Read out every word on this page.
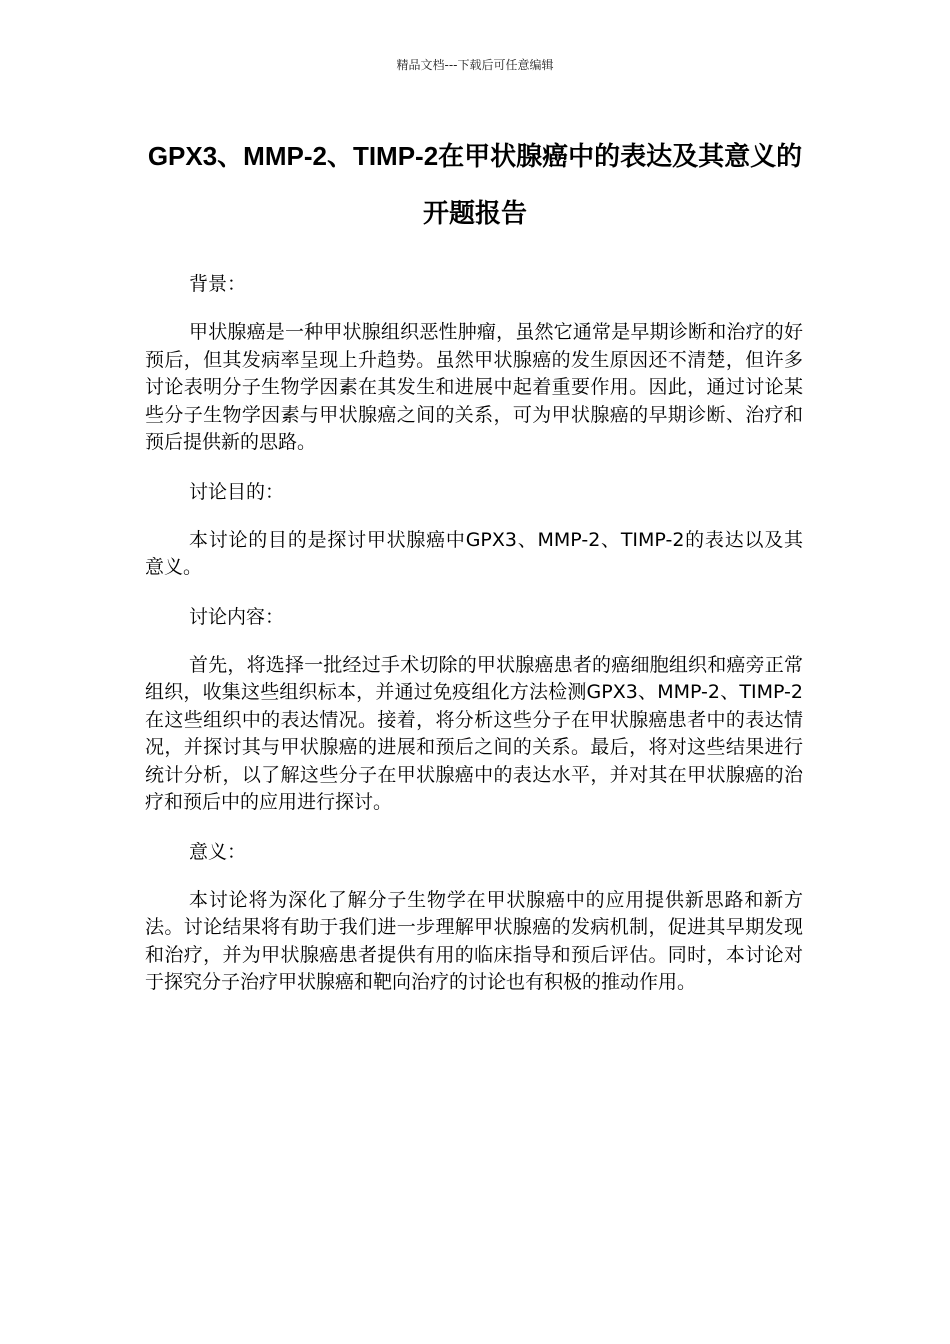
精品文档---下载后可任意编辑
GPX3、MMP-2、TIMP-2在甲状腺癌中的表达及其意义的开题报告

背景：

甲状腺癌是一种甲状腺组织恶性肿瘤，虽然它通常是早期诊断和治疗的好预后，但其发病率呈现上升趋势。虽然甲状腺癌的发生原因还不清楚，但许多讨论表明分子生物学因素在其发生和进展中起着重要作用。因此，通过讨论某些分子生物学因素与甲状腺癌之间的关系，可为甲状腺癌的早期诊断、治疗和预后提供新的思路。

讨论目的：

本讨论的目的是探讨甲状腺癌中GPX3、MMP-2、TIMP-2的表达以及其意义。

讨论内容：

首先，将选择一批经过手术切除的甲状腺癌患者的癌细胞组织和癌旁正常组织，收集这些组织标本，并通过免疫组化方法检测GPX3、MMP-2、TIMP-2在这些组织中的表达情况。接着，将分析这些分子在甲状腺癌患者中的表达情况，并探讨其与甲状腺癌的进展和预后之间的关系。最后，将对这些结果进行统计分析，以了解这些分子在甲状腺癌中的表达水平，并对其在甲状腺癌的治疗和预后中的应用进行探讨。

意义：

本讨论将为深化了解分子生物学在甲状腺癌中的应用提供新思路和新方法。讨论结果将有助于我们进一步理解甲状腺癌的发病机制，促进其早期发现和治疗，并为甲状腺癌患者提供有用的临床指导和预后评估。同时，本讨论对于探究分子治疗甲状腺癌和靶向治疗的讨论也有积极的推动作用。
